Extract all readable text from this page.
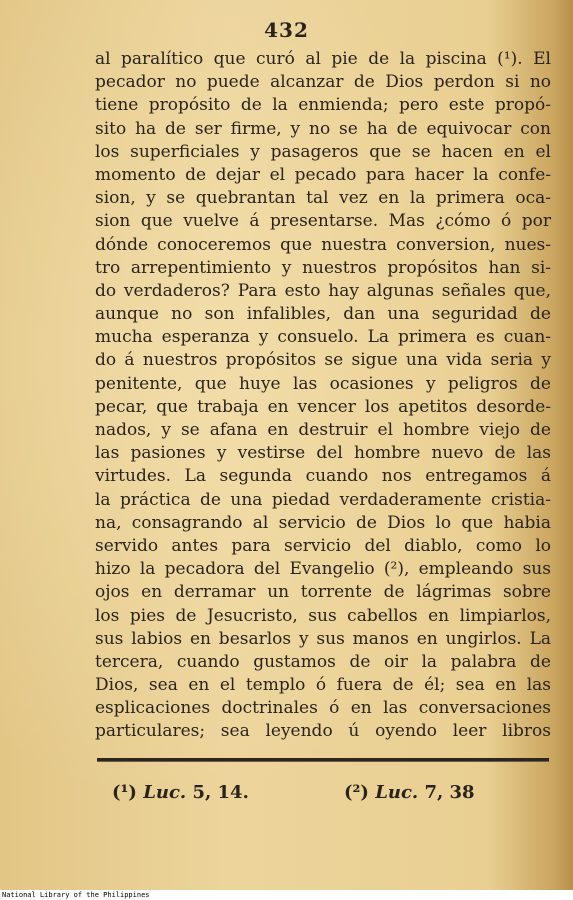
432
al paralítico que curó al pie de la piscina (¹). El
pecador no puede alcanzar de Dios perdon si no
tiene propósito de la enmienda; pero este propó-
sito ha de ser firme, y no se ha de equivocar con
los superficiales y pasageros que se hacen en el
momento de dejar el pecado para hacer la confe-
sion, y se quebrantan tal vez en la primera oca-
sion que vuelve á presentarse. Mas ¿cómo ó por
dónde conoceremos que nuestra conversion, nues-
tro arrepentimiento y nuestros propósitos han si-
do verdaderos? Para esto hay algunas señales que,
aunque no son infalibles, dan una seguridad de
mucha esperanza y consuelo. La primera es cuan-
do á nuestros propósitos se sigue una vida seria y
penitente, que huye las ocasiones y peligros de
pecar, que trabaja en vencer los apetitos desorde-
nados, y se afana en destruir el hombre viejo de
las pasiones y vestirse del hombre nuevo de las
virtudes. La segunda cuando nos entregamos á
la práctica de una piedad verdaderamente cristia-
na, consagrando al servicio de Dios lo que habia
servido antes para servicio del diablo, como lo
hizo la pecadora del Evangelio (²), empleando sus
ojos en derramar un torrente de lágrimas sobre
los pies de Jesucristo, sus cabellos en limpiarlos,
sus labios en besarlos y sus manos en ungirlos. La
tercera, cuando gustamos de oir la palabra de
Dios, sea en el templo ó fuera de él; sea en las
esplicaciones doctrinales ó en las conversaciones
particulares; sea leyendo ú oyendo leer libros
(¹) Luc. 5, 14.	(²) Luc. 7, 38
National Library of the Philippines
